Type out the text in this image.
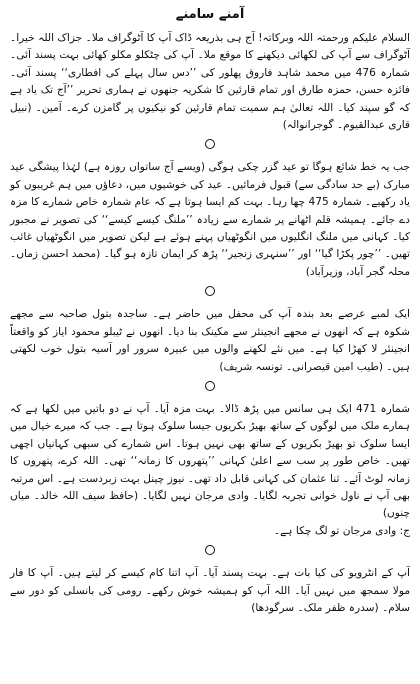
آمنے سامنے

السلام علیکم ورحمتہ اللہ وبرکاتہ! آج ہی بذریعہ ڈاک آپ کا آٹوگراف ملا۔ جزاک اللہ خیرا۔ آٹوگراف سے آپ کی لکھائی دیکھنے کا موقع ملا۔ آپ کی چٹکلو مکلو کھائی بہت پسند آئی۔ شمارہ 476 میں محمد شاہد فاروق پھلور کی ’’دس سال پہلے کی افطاری‘‘ پسند آئی۔ فائزہ حسن، حمزہ طارق اور تمام قارئین کا شکریہ جنھوں نے ہماری تحریر ’’آج تک یاد ہے کہ گو سپند کیا۔ اللہ تعالیٰ ہم سمیت تمام قارئین کو نیکیوں پر گامزن کرے۔ آمین۔ (نبیل قاری عبدالقیوم۔ گوجرانوالہ)

جب یہ خط شائع ہوگا تو عید گزر چکی ہوگی (ویسے آج ساتواں روزہ ہے) لہٰذا پیشگی عید مبارک (بے حد سادگی سے) قبول فرمائیں۔ عید کی خوشیوں میں، دعاؤں میں ہم غریبوں کو یاد رکھیے۔ شمارہ 475 چھا رہا۔ بہت کم ایسا ہوتا ہے کہ عام شمارہ خاص شمارے کا مزہ دے جائے۔ ہمیشہ قلم اٹھانے پر شمارے سے زیادہ ’’ملنگ کیسے کیسے‘‘ کی تصویر نے مجبور کیا۔ کہانی میں ملنگ انگلیوں میں انگوٹھیاں پہنے ہوئے ہے لیکن تصویر میں انگوٹھیاں غائب تھیں۔ ’’چور پکڑا گیا‘‘ اور ’’سنہری زنجیر‘‘ پڑھ کر ایمان تازہ ہو گیا۔ (محمد احسن زماں۔ محلہ گجر آباد، وزیرآباد)

ایک لمبے عرصے بعد بندہ آپ کی محفل میں حاضر ہے۔ ساجدہ بتول صاحبہ سے مجھے شکوہ ہے کہ انھوں نے مجھے انجینئر سے مکینک بنا دیا۔ انھوں نے ٹیبلو محمود ایاز کو واقعتاً انجینئر لا کھڑا کیا ہے۔ میں نئے لکھنے والوں میں عبیرہ سرور اور آسیہ بتول خوب لکھتی ہیں۔ (طیب امین قیصرانی۔ تونسہ شریف)

شمارہ 471 ایک ہی سانس میں پڑھ ڈالا۔ بہت مزہ آیا۔ آپ نے دو باتیں میں لکھا ہے کہ ہمارے ملک میں لوگوں کے ساتھ بھیڑ بکریوں جیسا سلوک ہوتا ہے۔ جب کہ میرے خیال میں ایسا سلوک تو بھیڑ بکریوں کے ساتھ بھی نہیں ہوتا۔ اس شمارے کی سبھی کہانیاں اچھی تھیں۔ خاص طور پر سب سے اعلیٰ کہانی ’’پتھروں کا زمانہ‘‘ تھی۔ اللہ کرے، پتھروں کا زمانہ لوٹ آئے۔ ثنا عثمان کی کہانی قابل داد تھی۔ نیوز چینل بہت زبردست ہے۔ اس مرتبہ بھی آپ نے ناول خوانی تجربہ لگایا۔ وادی مرجان نہیں لگایا۔ (حافظ سیف اللہ خالد۔ میاں چنوں)

ج: وادی مرجان تو لگ چکا ہے۔

آپ کے انٹرویو کی کیا بات ہے۔ بہت پسند آیا۔ آپ اتنا کام کیسے کر لیتے ہیں۔ آپ کا فار مولا سمجھ میں نہیں آیا۔ اللہ آپ کو ہمیشہ خوش رکھے۔ رومی کی بانسلی کو دور سے سلام۔ (سدرہ ظفر ملک۔ سرگودھا)
